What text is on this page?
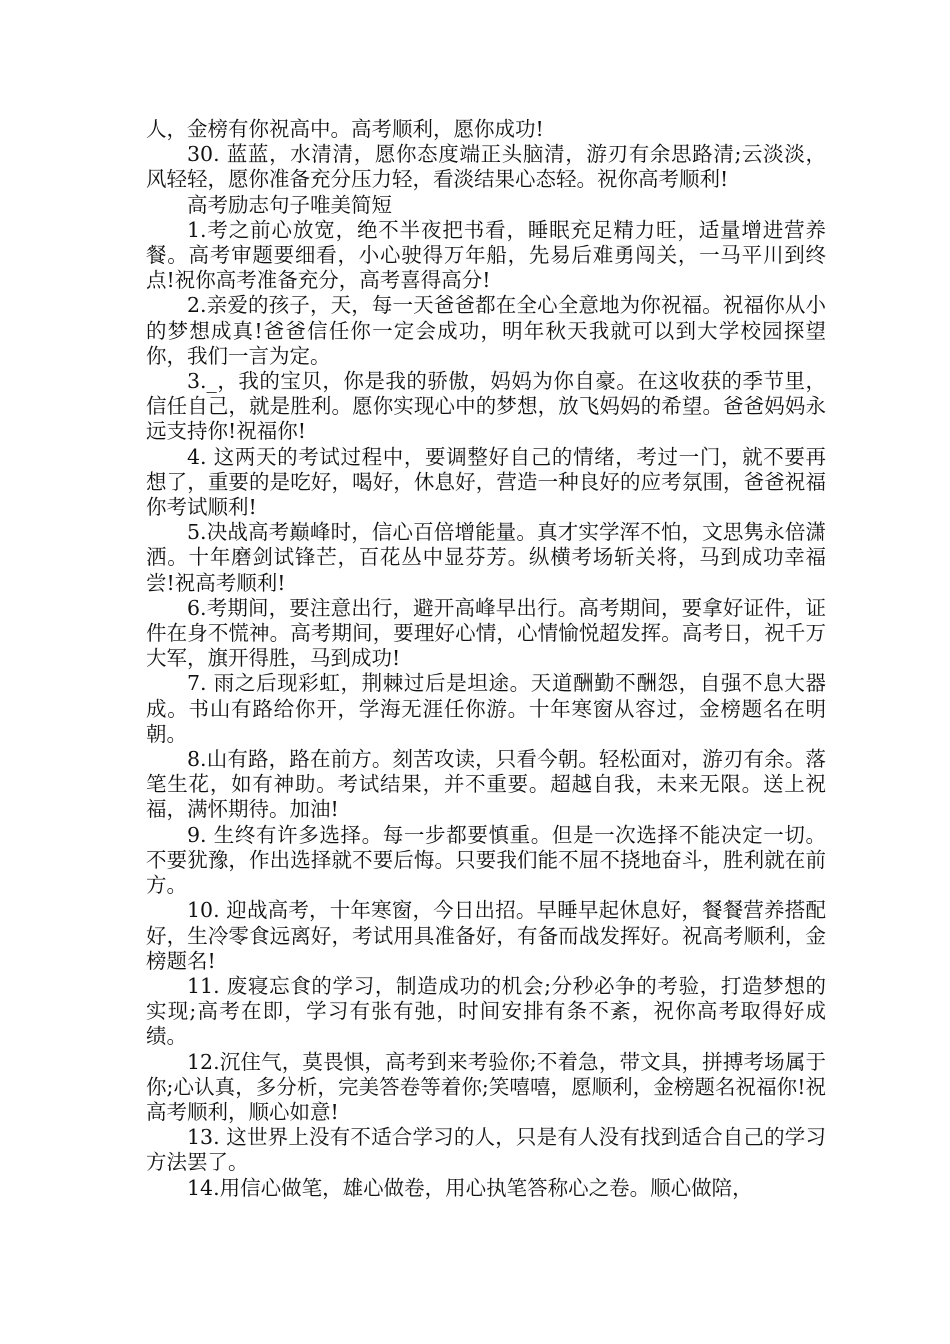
人，金榜有你祝高中。高考顺利，愿你成功!

30. 蓝蓝，水清清，愿你态度端正头脑清，游刃有余思路清;云淡淡，风轻轻，愿你准备充分压力轻，看淡结果心态轻。祝你高考顺利!

高考励志句子唯美简短

1.考之前心放宽，绝不半夜把书看，睡眠充足精力旺，适量增进营养餐。高考审题要细看，小心驶得万年船，先易后难勇闯关，一马平川到终点!祝你高考准备充分，高考喜得高分!

2.亲爱的孩子，天，每一天爸爸都在全心全意地为你祝福。祝福你从小的梦想成真!爸爸信任你一定会成功，明年秋天我就可以到大学校园探望你，我们一言为定。

3._，我的宝贝，你是我的骄傲，妈妈为你自豪。在这收获的季节里，信任自己，就是胜利。愿你实现心中的梦想，放飞妈妈的希望。爸爸妈妈永远支持你!祝福你!

4. 这两天的考试过程中，要调整好自己的情绪，考过一门，就不要再想了，重要的是吃好，喝好，休息好，营造一种良好的应考氛围，爸爸祝福你考试顺利!

5.决战高考巅峰时，信心百倍增能量。真才实学浑不怕，文思隽永倍潇洒。十年磨剑试锋芒，百花丛中显芬芳。纵横考场斩关将，马到成功幸福尝!祝高考顺利!

6.考期间，要注意出行，避开高峰早出行。高考期间，要拿好证件，证件在身不慌神。高考期间，要理好心情，心情愉悦超发挥。高考日，祝千万大军，旗开得胜，马到成功!

7. 雨之后现彩虹，荆棘过后是坦途。天道酬勤不酬怨，自强不息大器成。书山有路给你开，学海无涯任你游。十年寒窗从容过，金榜题名在明朝。

8.山有路，路在前方。刻苦攻读，只看今朝。轻松面对，游刃有余。落笔生花，如有神助。考试结果，并不重要。超越自我，未来无限。送上祝福，满怀期待。加油!

9. 生终有许多选择。每一步都要慎重。但是一次选择不能决定一切。不要犹豫，作出选择就不要后悔。只要我们能不屈不挠地奋斗，胜利就在前方。

10. 迎战高考，十年寒窗，今日出招。早睡早起休息好，餐餐营养搭配好，生冷零食远离好，考试用具准备好，有备而战发挥好。祝高考顺利，金榜题名!

11. 废寝忘食的学习，制造成功的机会;分秒必争的考验，打造梦想的实现;高考在即，学习有张有弛，时间安排有条不紊，祝你高考取得好成绩。

12.沉住气，莫畏惧，高考到来考验你;不着急，带文具，拼搏考场属于你;心认真，多分析，完美答卷等着你;笑嘻嘻，愿顺利，金榜题名祝福你!祝高考顺利，顺心如意!

13. 这世界上没有不适合学习的人，只是有人没有找到适合自己的学习方法罢了。

14.用信心做笔，雄心做卷，用心执笔答称心之卷。顺心做陪，
